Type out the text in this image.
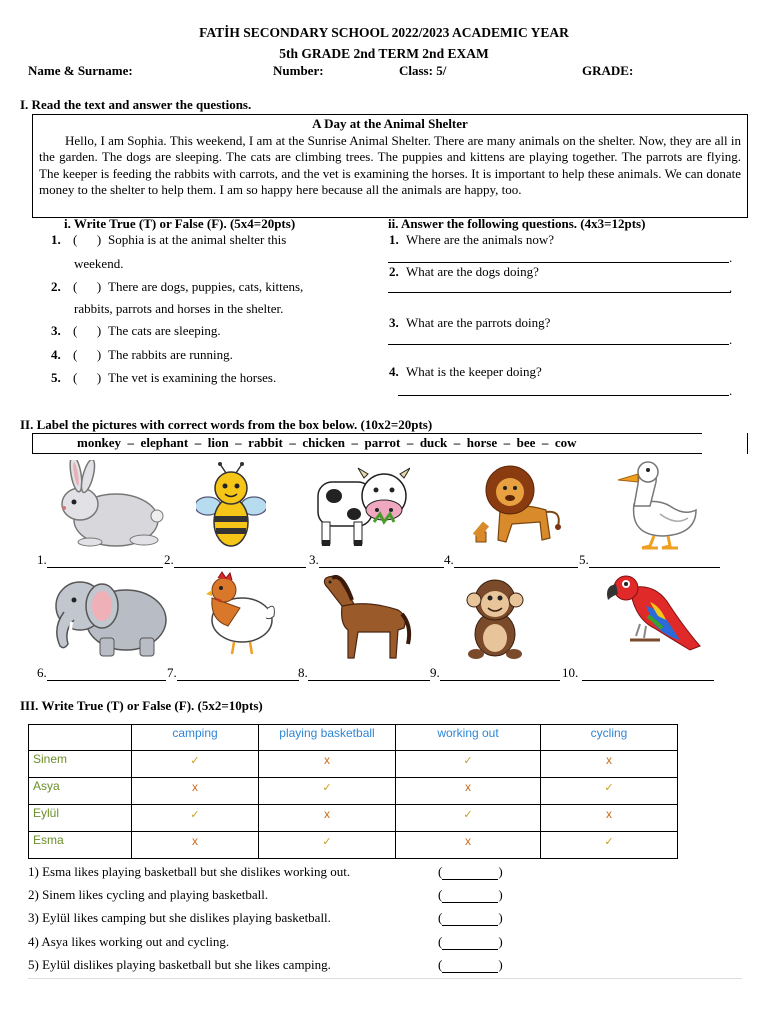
FATİH SECONDARY SCHOOL 2022/2023 ACADEMIC YEAR
5th GRADE 2nd TERM 2nd EXAM
Name & Surname:	Number:	Class: 5/	GRADE:
I. Read the text and answer the questions.
A Day at the Animal Shelter
Hello, I am Sophia. This weekend, I am at the Sunrise Animal Shelter. There are many animals on the shelter. Now, they are all in the garden. The dogs are sleeping. The cats are climbing trees. The puppies and kittens are playing together. The parrots are flying. The keeper is feeding the rabbits with carrots, and the vet is examining the horses. It is important to help these animals. We can donate money to the shelter to help them. I am so happy here because all the animals are happy, too.
i. Write True (T) or False (F). (5x4=20pts)	ii. Answer the following questions. (4x3=12pts)
1. (      ) Sophia is at the animal shelter this
weekend.
2. (      ) There are dogs, puppies, cats, kittens,
rabbits, parrots and horses in the shelter.
3. (      ) The cats are sleeping.
4. (      ) The rabbits are running.
5. (      ) The vet is examining the horses.
1. Where are the animals now?
.
2. What are the dogs doing?
.
3. What are the parrots doing?
.
4. What is the keeper doing?
.
II. Label the pictures with correct words from the box below. (10x2=20pts)
monkey  –  elephant  –  lion  –  rabbit  –  chicken  –  parrot  –  duck  –  horse  –  bee  –  cow
1.	2.	3.	4.	5.
6.	7.	8.	9.	10.
III. Write True (T) or False (F). (5x2=10pts)
	camping	playing basketball	working out	cycling
Sinem	✓	x	✓	x
Asya	x	✓	x	✓
Eylül	✓	x	✓	x
Esma	x	✓	x	✓
1) Esma likes playing basketball but she dislikes working out.	(	)
2) Sinem likes cycling and playing basketball.	(	)
3) Eylül likes camping but she dislikes playing basketball.	(	)
4) Asya likes working out and cycling.	(	)
5) Eylül dislikes playing basketball but she likes camping.	(	)
